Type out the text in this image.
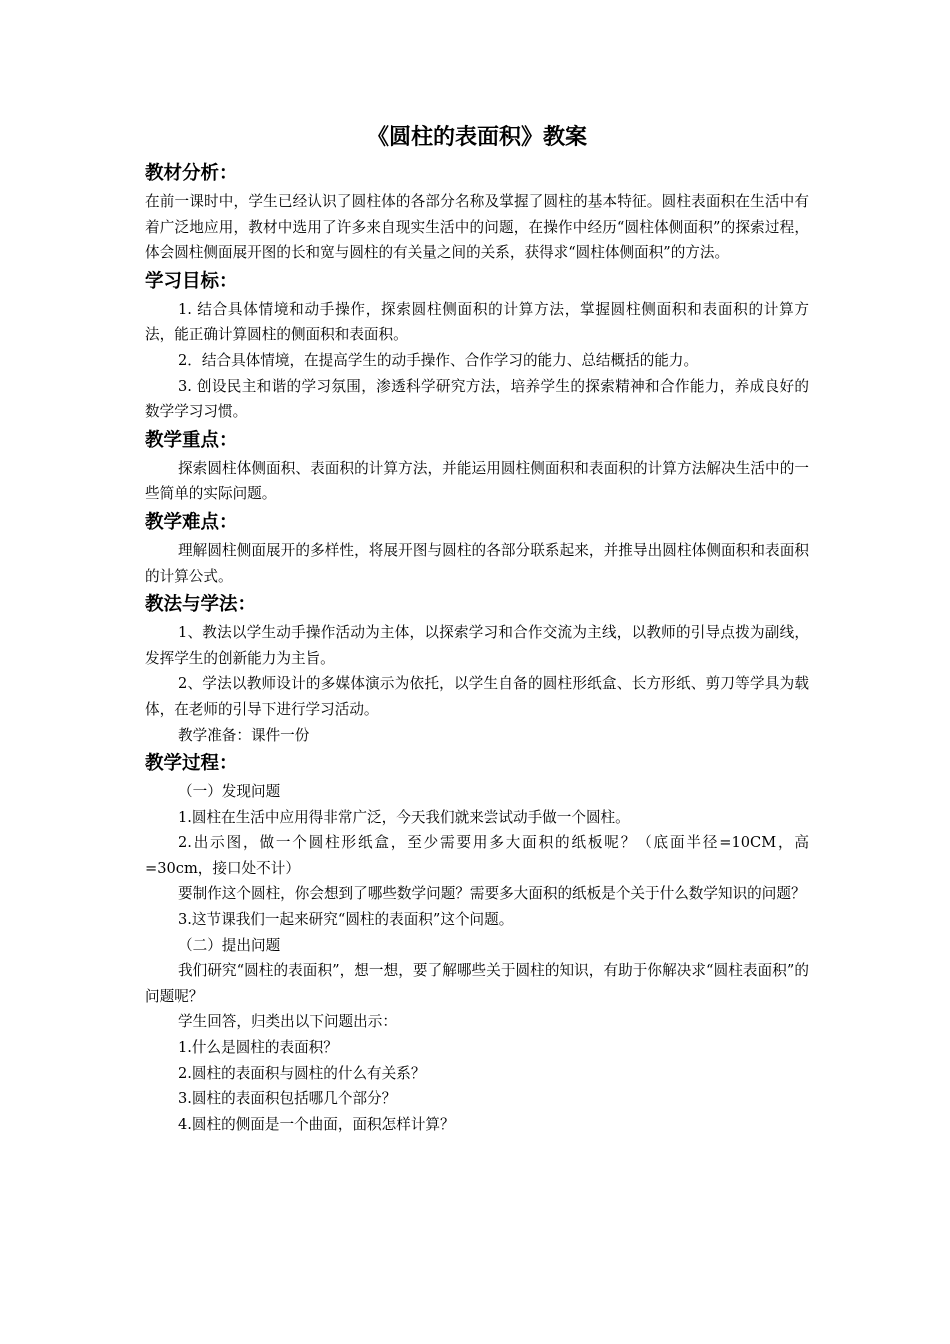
《圆柱的表面积》教案
教材分析：

在前一课时中，学生已经认识了圆柱体的各部分名称及掌握了圆柱的基本特征。圆柱表面积在生活中有着广泛地应用，教材中选用了许多来自现实生活中的问题，在操作中经历“圆柱体侧面积”的探索过程，体会圆柱侧面展开图的长和宽与圆柱的有关量之间的关系，获得求“圆柱体侧面积”的方法。

学习目标：

1. 结合具体情境和动手操作，探索圆柱侧面积的计算方法，掌握圆柱侧面积和表面积的计算方法，能正确计算圆柱的侧面积和表面积。

2．结合具体情境，在提高学生的动手操作、合作学习的能力、总结概括的能力。

3. 创设民主和谐的学习氛围，渗透科学研究方法，培养学生的探索精神和合作能力，养成良好的数学学习习惯。

教学重点：

探索圆柱体侧面积、表面积的计算方法，并能运用圆柱侧面积和表面积的计算方法解决生活中的一些简单的实际问题。

教学难点：

理解圆柱侧面展开的多样性，将展开图与圆柱的各部分联系起来，并推导出圆柱体侧面积和表面积的计算公式。

教法与学法：

1、教法以学生动手操作活动为主体，以探索学习和合作交流为主线，以教师的引导点拨为副线，发挥学生的创新能力为主旨。

2、学法以教师设计的多媒体演示为依托，以学生自备的圆柱形纸盒、长方形纸、剪刀等学具为载体，在老师的引导下进行学习活动。

教学准备：课件一份

教学过程：

（一）发现问题

1.圆柱在生活中应用得非常广泛，今天我们就来尝试动手做一个圆柱。

2.出示图，做一个圆柱形纸盒，至少需要用多大面积的纸板呢？（底面半径=10CM，高=30cm，接口处不计）

要制作这个圆柱，你会想到了哪些数学问题？需要多大面积的纸板是个关于什么数学知识的问题？

3.这节课我们一起来研究“圆柱的表面积”这个问题。

（二）提出问题

我们研究“圆柱的表面积”，想一想，要了解哪些关于圆柱的知识，有助于你解决求“圆柱表面积”的问题呢？

学生回答，归类出以下问题出示：

1.什么是圆柱的表面积？

2.圆柱的表面积与圆柱的什么有关系？

3.圆柱的表面积包括哪几个部分？

4.圆柱的侧面是一个曲面，面积怎样计算？
